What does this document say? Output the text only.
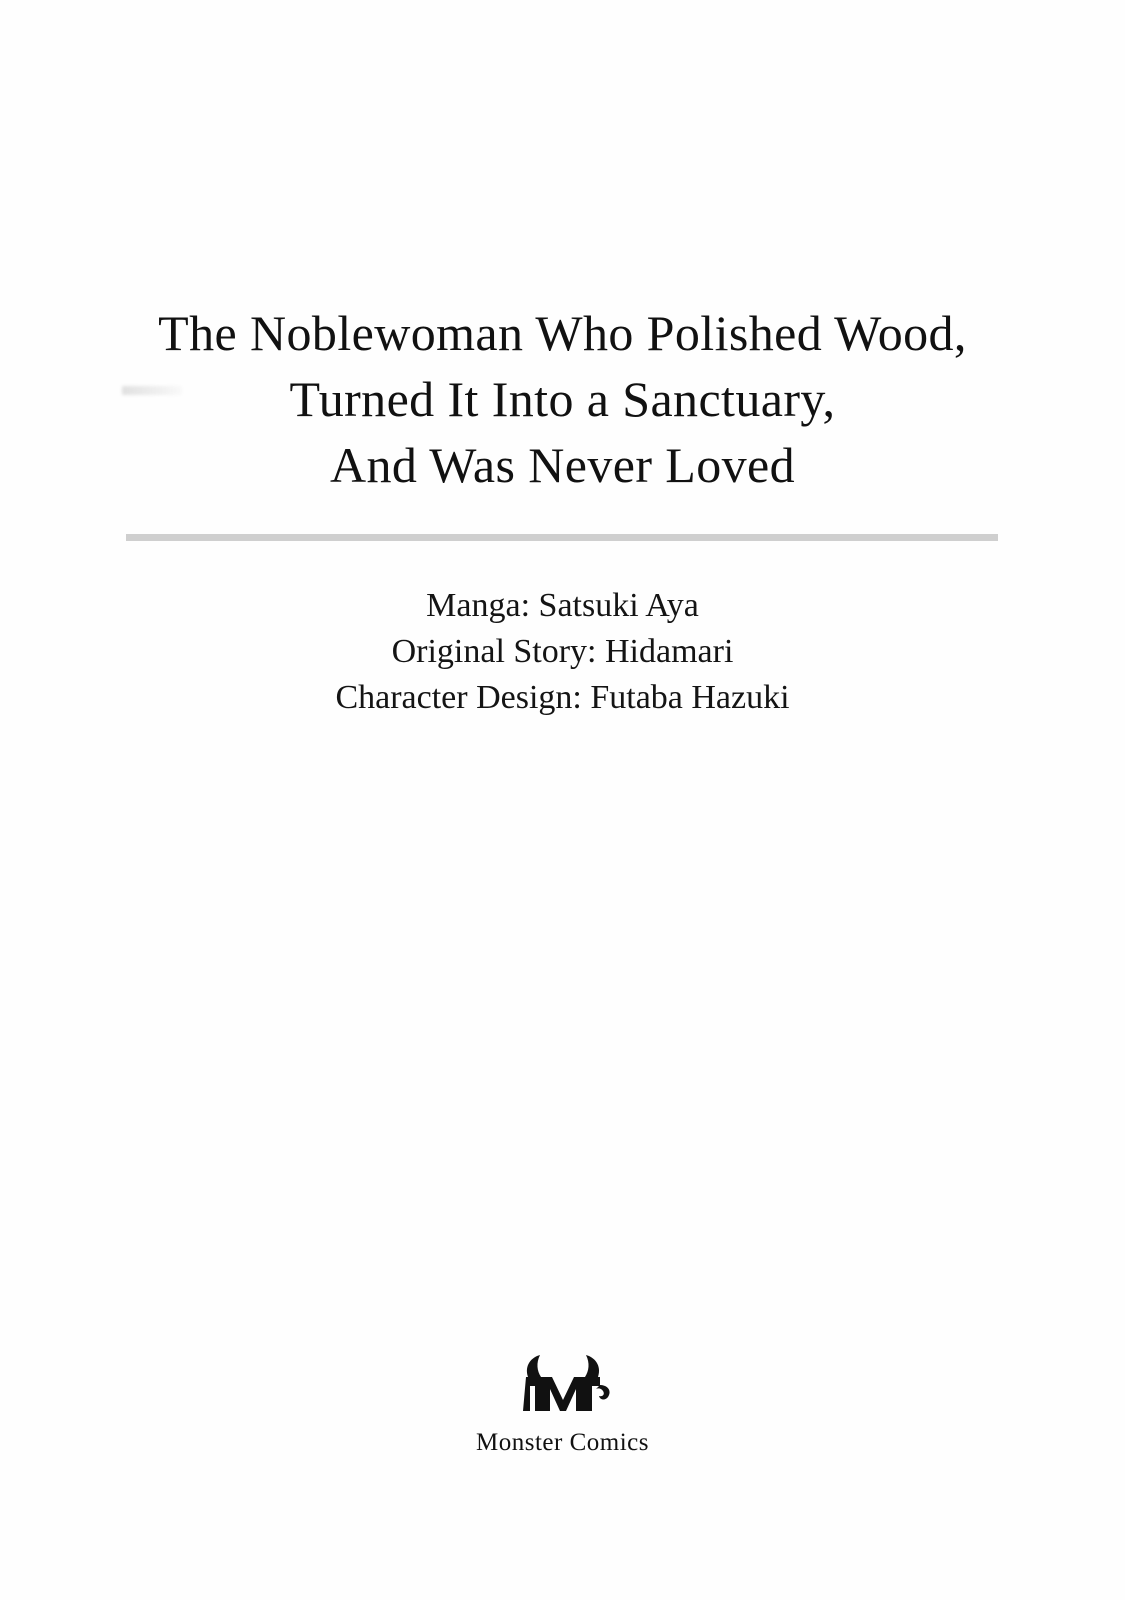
The Noblewoman Who Polished Wood,
Turned It Into a Sanctuary,
And Was Never Loved
Manga: Satsuki Aya
Original Story: Hidamari
Character Design: Futaba Hazuki
Monster Comics
